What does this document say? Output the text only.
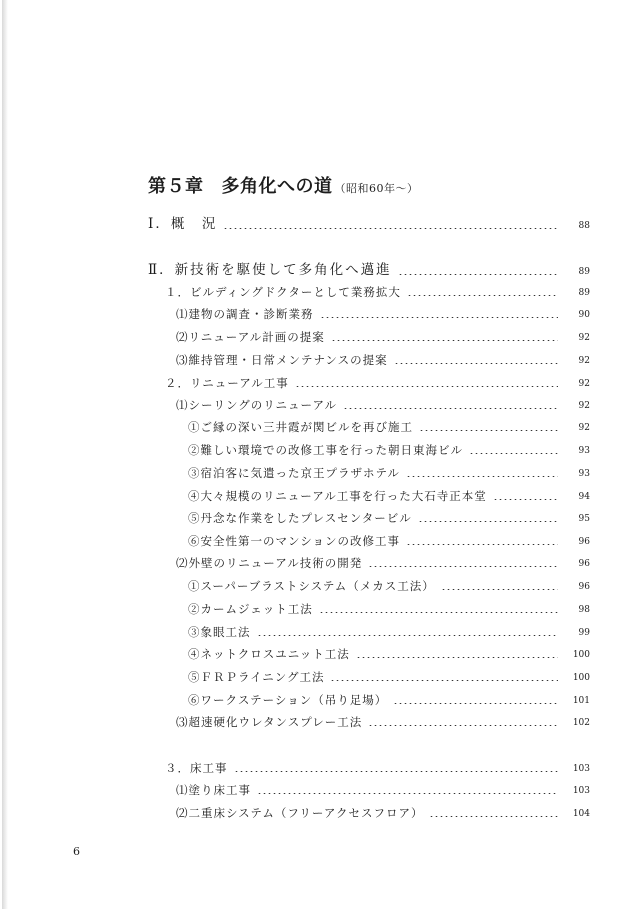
第５章 多角化への道 （昭和60年～）
Ⅰ．概　況	88
Ⅱ．新技術を駆使して多角化へ邁進	89
１．ビルディングドクターとして業務拡大	89
⑴建物の調査・診断業務	90
⑵リニューアル計画の提案	92
⑶維持管理・日常メンテナンスの提案	92
２．リニューアル工事	92
⑴シーリングのリニューアル	92
①ご縁の深い三井霞が関ビルを再び施工	92
②難しい環境での改修工事を行った朝日東海ビル	93
③宿泊客に気遣った京王プラザホテル	93
④大々規模のリニューアル工事を行った大石寺正本堂	94
⑤丹念な作業をしたプレスセンタービル	95
⑥安全性第一のマンションの改修工事	96
⑵外壁のリニューアル技術の開発	96
①スーパーブラストシステム（メカス工法）	96
②カームジェット工法	98
③象眼工法	99
④ネットクロスユニット工法	100
⑤ＦＲＰライニング工法	100
⑥ワークステーション（吊り足場）	101
⑶超速硬化ウレタンスプレー工法	102
３．床工事	103
⑴塗り床工事	103
⑵二重床システム（フリーアクセスフロア）	104
6
